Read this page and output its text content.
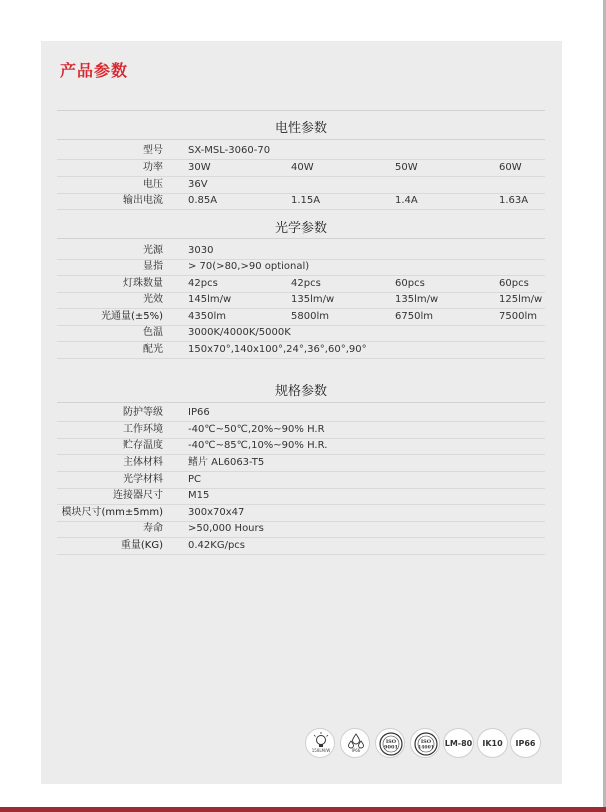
产品参数
电性参数
型号	SX-MSL-3060-70
功率	30W	40W	50W	60W
电压	36V
输出电流	0.85A	1.15A	1.4A	1.63A
光学参数
光源	3030
显指	> 70(>80,>90 optional)
灯珠数量	42pcs	42pcs	60pcs	60pcs
光效	145lm/w	135lm/w	135lm/w	125lm/w
光通量(±5%)	4350lm	5800lm	6750lm	7500lm
色温	3000K/4000K/5000K
配光	150x70°,140x100°,24°,36°,60°,90°
规格参数
防护等级	IP66
工作环境	-40℃~50℃,20%~90% H.R
贮存温度	-40℃~85℃,10%~90% H.R.
主体材料	鳍片 AL6063-T5
光学材料	PC
连接器尺寸	M15
模块尺寸(mm±5mm)	300x70x47
寿命	>50,000 Hours
重量(KG)	0.42KG/pcs
150LM/W	IP66
ISO
9001
ISO
14001 LM-80	IK10	IP66
